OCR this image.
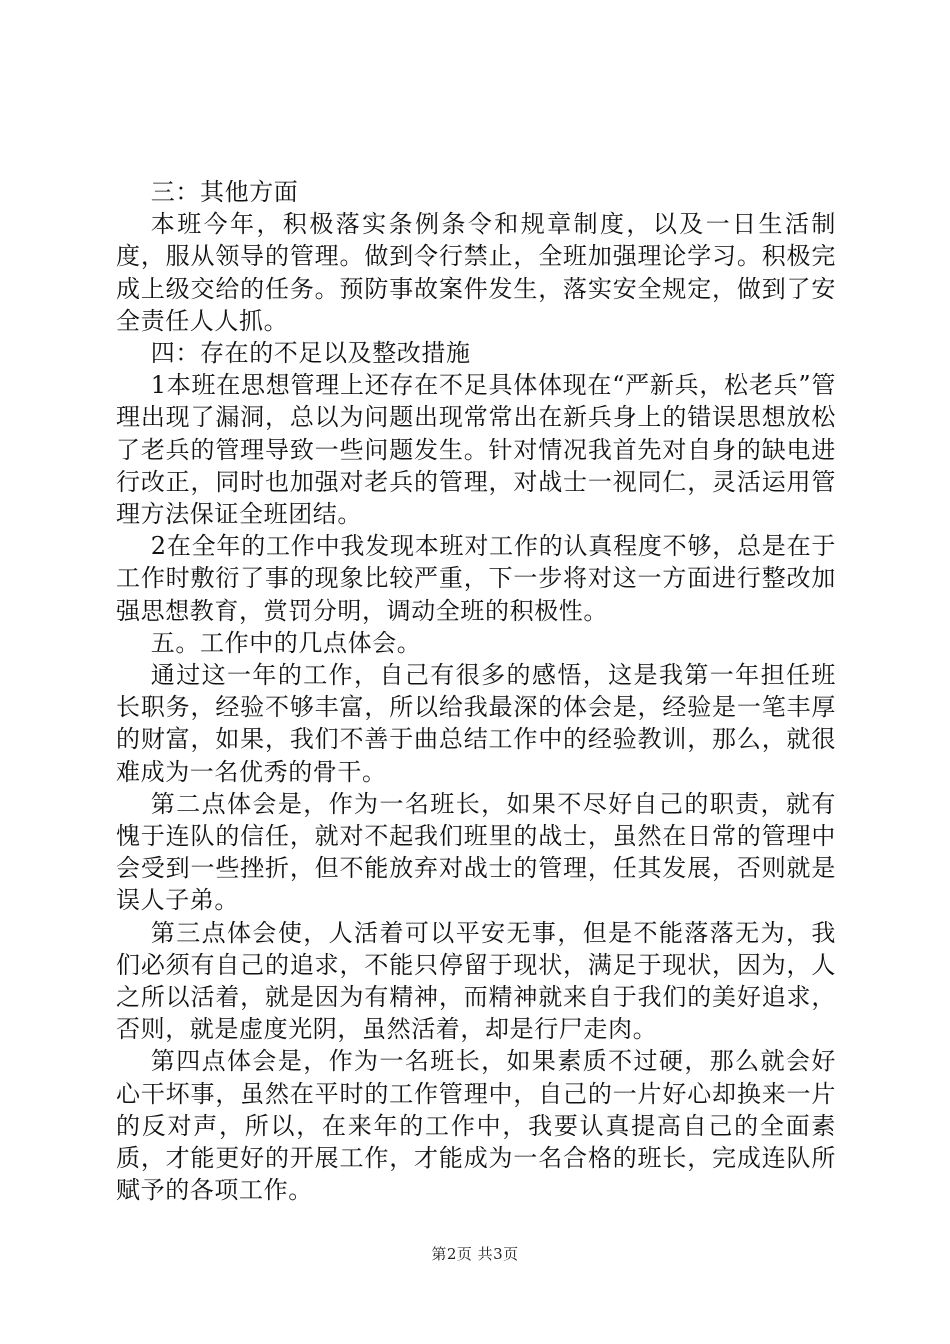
三：其他方面

本班今年，积极落实条例条令和规章制度，以及一日生活制度，服从领导的管理。做到令行禁止，全班加强理论学习。积极完成上级交给的任务。预防事故案件发生，落实安全规定，做到了安全责任人人抓。

四：存在的不足以及整改措施

1本班在思想管理上还存在不足具体体现在“严新兵，松老兵”管理出现了漏洞，总以为问题出现常常出在新兵身上的错误思想放松了老兵的管理导致一些问题发生。针对情况我首先对自身的缺电进行改正，同时也加强对老兵的管理，对战士一视同仁，灵活运用管理方法保证全班团结。

2在全年的工作中我发现本班对工作的认真程度不够，总是在于工作时敷衍了事的现象比较严重，下一步将对这一方面进行整改加强思想教育，赏罚分明，调动全班的积极性。

五。工作中的几点体会。

通过这一年的工作，自己有很多的感悟，这是我第一年担任班长职务，经验不够丰富，所以给我最深的体会是，经验是一笔丰厚的财富，如果，我们不善于曲总结工作中的经验教训，那么，就很难成为一名优秀的骨干。

第二点体会是，作为一名班长，如果不尽好自己的职责，就有愧于连队的信任，就对不起我们班里的战士，虽然在日常的管理中会受到一些挫折，但不能放弃对战士的管理，任其发展，否则就是误人子弟。

第三点体会使，人活着可以平安无事，但是不能落落无为，我们必须有自己的追求，不能只停留于现状，满足于现状，因为，人之所以活着，就是因为有精神，而精神就来自于我们的美好追求，否则，就是虚度光阴，虽然活着，却是行尸走肉。

第四点体会是，作为一名班长，如果素质不过硬，那么就会好心干坏事，虽然在平时的工作管理中，自己的一片好心却换来一片的反对声，所以，在来年的工作中，我要认真提高自己的全面素质，才能更好的开展工作，才能成为一名合格的班长，完成连队所赋予的各项工作。

第2页 共3页
